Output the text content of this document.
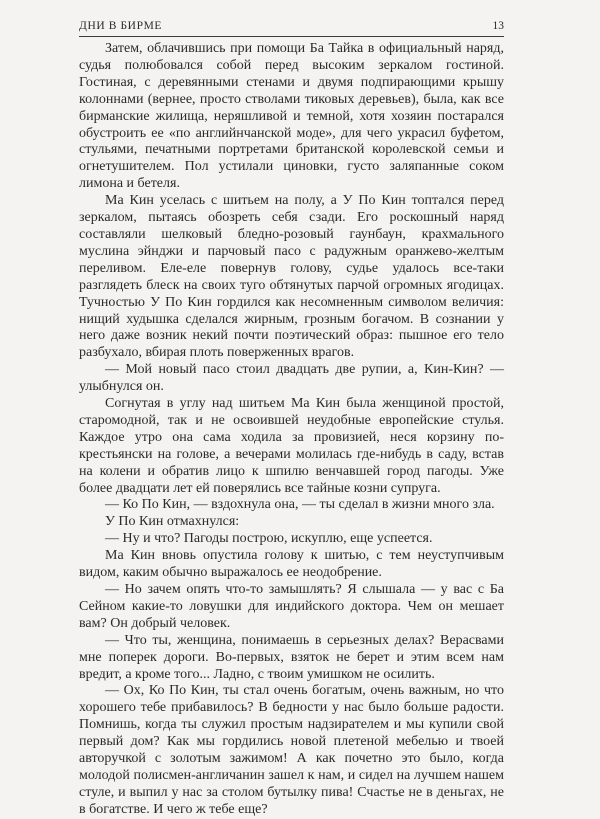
ДНИ В БИРМЕ	13

Затем, облачившись при помощи Ба Тайка в официальный наряд, судья полюбовался собой перед высоким зеркалом гостиной. Гостиная, с деревянными стенами и двумя подпирающими крышу колоннами (вернее, просто стволами тиковых деревьев), была, как все бирманские жилища, неряшливой и темной, хотя хозяин постарался обустроить ее «по английнчанской моде», для чего украсил буфетом, стульями, печатными портретами британской королевской семьи и огнетушителем. Пол устилали циновки, густо заляпанные соком лимона и бетеля.

Ма Кин уселась с шитьем на полу, а У По Кин топтался перед зеркалом, пытаясь обозреть себя сзади. Его роскошный наряд составляли шелковый бледно-розовый гаунбаун, крахмального муслина эйнджи и парчовый пасо с радужным оранжево-желтым переливом. Еле-еле повернув голову, судье удалось все-таки разглядеть блеск на своих туго обтянутых парчой огромных ягодицах. Тучностью У По Кин гордился как несомненным символом величия: нищий худышка сделался жирным, грозным богачом. В сознании у него даже возник некий почти поэтический образ: пышное его тело разбухало, вбирая плоть поверженных врагов.

— Мой новый пасо стоил двадцать две рупии, а, Кин-Кин? — улыбнулся он.

Согнутая в углу над шитьем Ма Кин была женщиной простой, старомодной, так и не освоившей неудобные европейские стулья. Каждое утро она сама ходила за провизией, неся корзину по-крестьянски на голове, а вечерами молилась где-нибудь в саду, встав на колени и обратив лицо к шпилю венчавшей город пагоды. Уже более двадцати лет ей поверялись все тайные козни супруга.

— Ко По Кин, — вздохнула она, — ты сделал в жизни много зла.

У По Кин отмахнулся:

— Ну и что? Пагоды построю, искуплю, еще успеется.

Ма Кин вновь опустила голову к шитью, с тем неуступчивым видом, каким обычно выражалось ее неодобрение.

— Но зачем опять что-то замышлять? Я слышала — у вас с Ба Сейном какие-то ловушки для индийского доктора. Чем он мешает вам? Он добрый человек.

— Что ты, женщина, понимаешь в серьезных делах? Верасвами мне поперек дороги. Во-первых, взяток не берет и этим всем нам вредит, а кроме того... Ладно, с твоим умишком не осилить.

— Ох, Ко По Кин, ты стал очень богатым, очень важным, но что хорошего тебе прибавилось? В бедности у нас было больше радости. Помнишь, когда ты служил простым надзирателем и мы купили свой первый дом? Как мы гордились новой плетеной мебелью и твоей авторучкой с золотым зажимом! А как почетно это было, когда молодой полисмен-англичанин зашел к нам, и сидел на лучшем нашем стуле, и выпил у нас за столом бутылку пива! Счастье не в деньгах, не в богатстве. И чего ж тебе еще?
